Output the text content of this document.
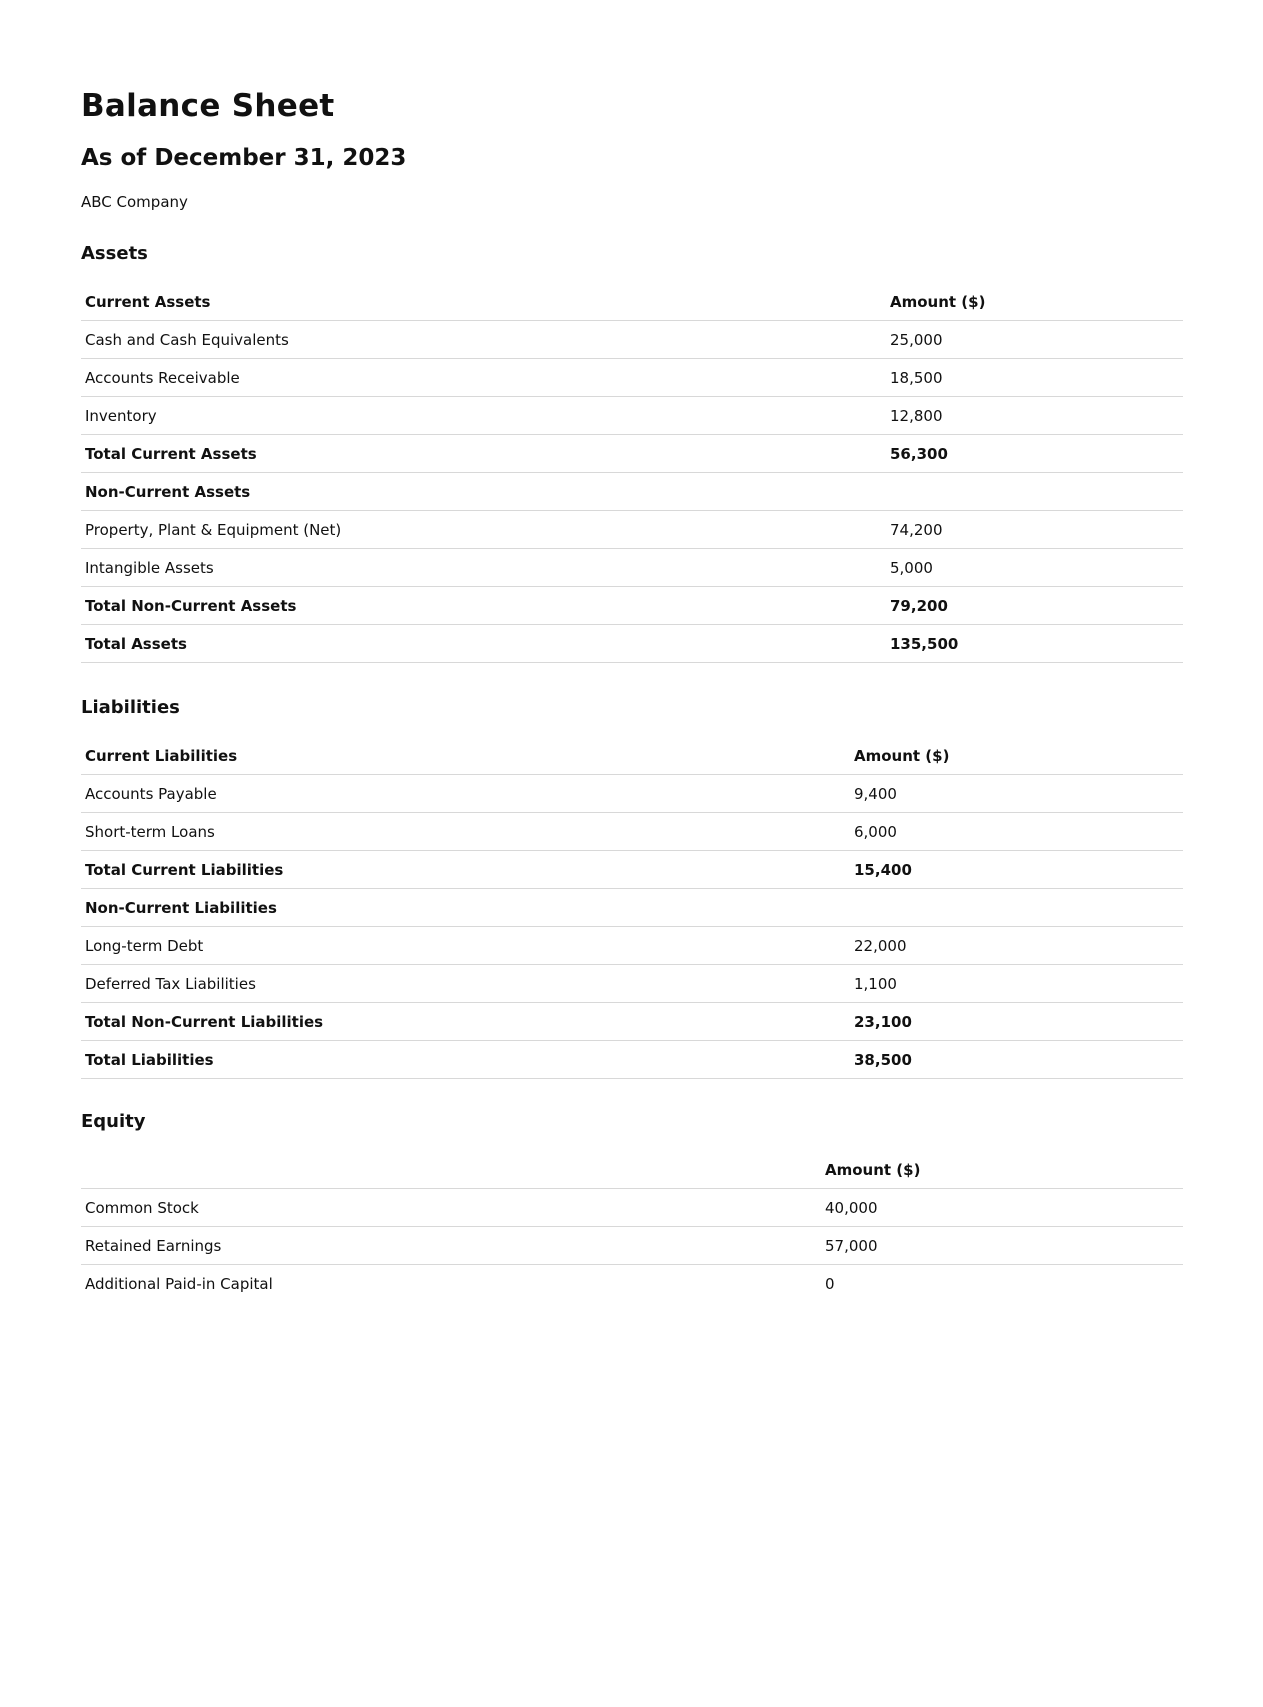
Balance Sheet
As of December 31, 2023

ABC Company

Assets
Current Assets	Amount ($)
Cash and Cash Equivalents	25,000
Accounts Receivable	18,500
Inventory	12,800
Total Current Assets	56,300
Non-Current Assets	
Property, Plant & Equipment (Net)	74,200
Intangible Assets	5,000
Total Non-Current Assets	79,200
Total Assets	135,500
Liabilities
Current Liabilities	Amount ($)
Accounts Payable	9,400
Short-term Loans	6,000
Total Current Liabilities	15,400
Non-Current Liabilities	
Long-term Debt	22,000
Deferred Tax Liabilities	1,100
Total Non-Current Liabilities	23,100
Total Liabilities	38,500
Equity
	Amount ($)
Common Stock	40,000
Retained Earnings	57,000
Additional Paid-in Capital	0
